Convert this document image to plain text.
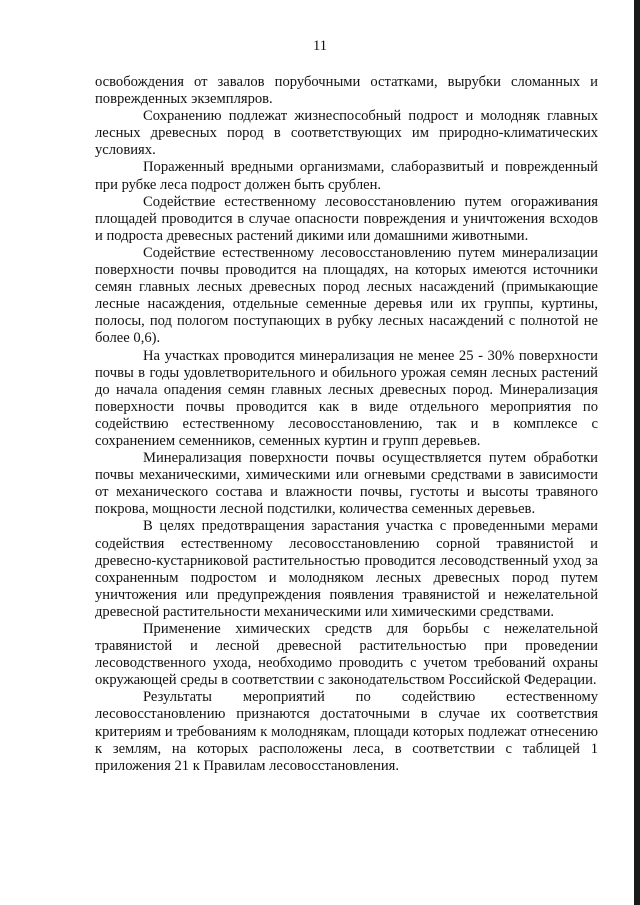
11

освобождения от завалов порубочными остатками, вырубки сломанных и поврежденных экземпляров.

Сохранению подлежат жизнеспособный подрост и молодняк главных лесных древесных пород в соответствующих им природно-климатических условиях.

Пораженный вредными организмами, слаборазвитый и поврежденный при рубке леса подрост должен быть срублен.

Содействие естественному лесовосстановлению путем огораживания площадей проводится в случае опасности повреждения и уничтожения всходов и подроста древесных растений дикими или домашними животными.

Содействие естественному лесовосстановлению путем минерализации поверхности почвы проводится на площадях, на которых имеются источники семян главных лесных древесных пород лесных насаждений (примыкающие лесные насаждения, отдельные семенные деревья или их группы, куртины, полосы, под пологом поступающих в рубку лесных насаждений с полнотой не более 0,6).

На участках проводится минерализация не менее 25 - 30% поверхности почвы в годы удовлетворительного и обильного урожая семян лесных растений до начала опадения семян главных лесных древесных пород. Минерализация поверхности почвы проводится как в виде отдельного мероприятия по содействию естественному лесовосстановлению, так и в комплексе с сохранением семенников, семенных куртин и групп деревьев.

Минерализация поверхности почвы осуществляется путем обработки почвы механическими, химическими или огневыми средствами в зависимости от механического состава и влажности почвы, густоты и высоты травяного покрова, мощности лесной подстилки, количества семенных деревьев.

В целях предотвращения зарастания участка с проведенными мерами содействия естественному лесовосстановлению сорной травянистой и древесно-кустарниковой растительностью проводится лесоводственный уход за сохраненным подростом и молодняком лесных древесных пород путем уничтожения или предупреждения появления травянистой и нежелательной древесной растительности механическими или химическими средствами.

Применение химических средств для борьбы с нежелательной травянистой и лесной древесной растительностью при проведении лесоводственного ухода, необходимо проводить с учетом требований охраны окружающей среды в соответствии с законодательством Российской Федерации.

Результаты мероприятий по содействию естественному лесовосстановлению признаются достаточными в случае их соответствия критериям и требованиям к молоднякам, площади которых подлежат отнесению к землям, на которых расположены леса, в соответствии с таблицей 1 приложения 21 к Правилам лесовосстановления.
